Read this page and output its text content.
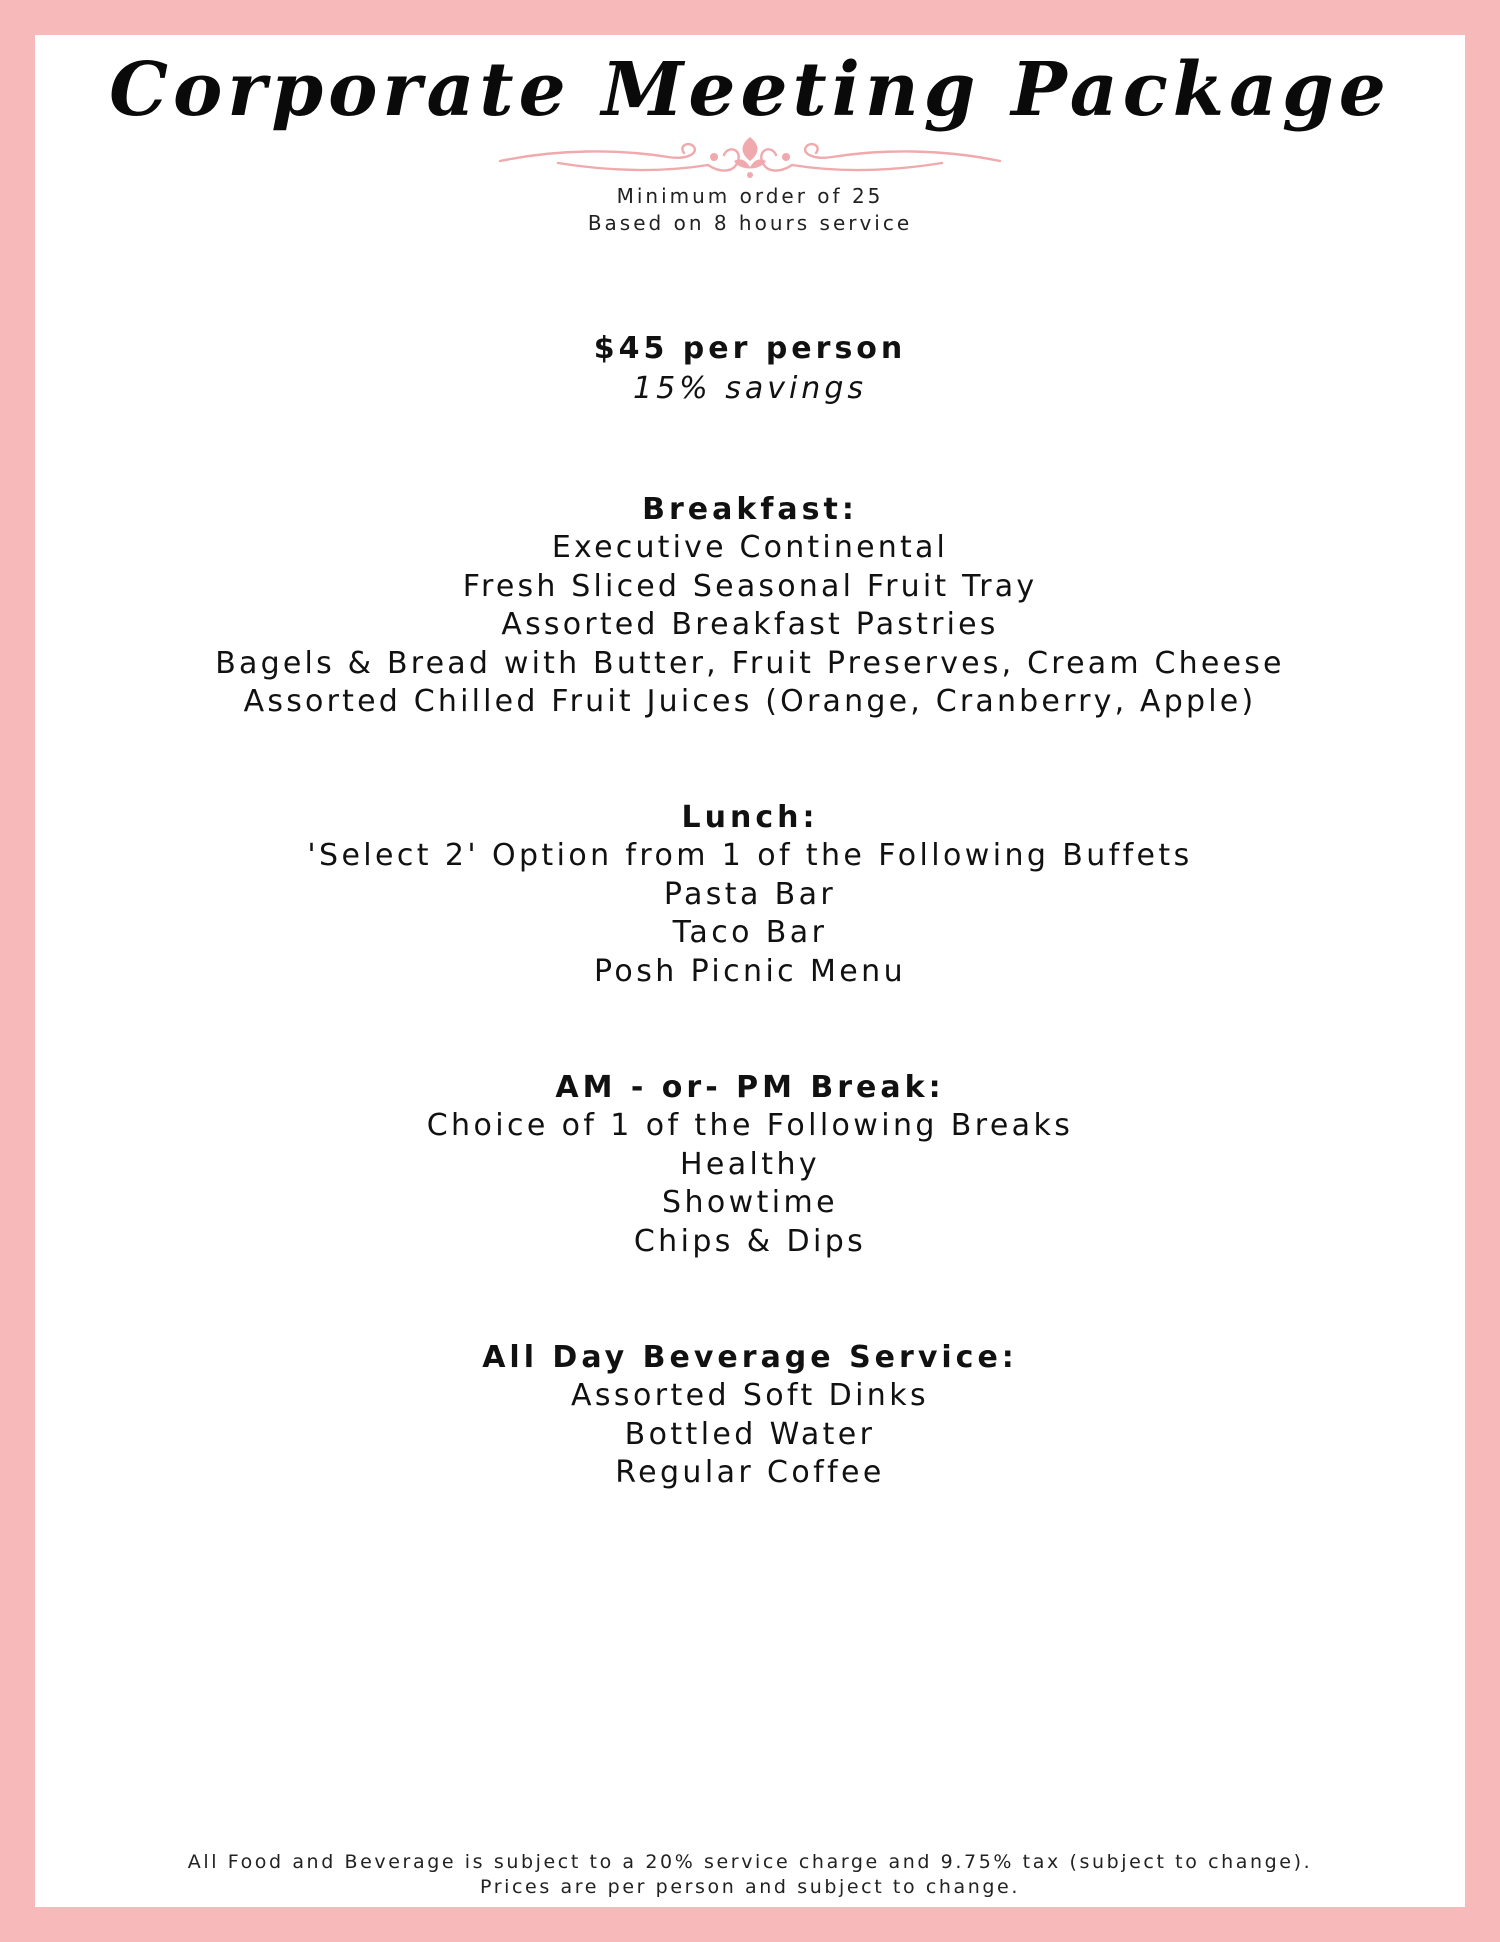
Corporate Meeting Package
Minimum order of 25
Based on 8 hours service
$45 per person
15% savings
Breakfast:
Executive Continental
Fresh Sliced Seasonal Fruit Tray
Assorted Breakfast Pastries
Bagels & Bread with Butter, Fruit Preserves, Cream Cheese
Assorted Chilled Fruit Juices (Orange, Cranberry, Apple)
Lunch:
'Select 2' Option from 1 of the Following Buffets
Pasta Bar
Taco Bar
Posh Picnic Menu
AM - or- PM Break:
Choice of 1 of the Following Breaks
Healthy
Showtime
Chips & Dips
All Day Beverage Service:
Assorted Soft Dinks
Bottled Water
Regular Coffee
All Food and Beverage is subject to a 20% service charge and 9.75% tax (subject to change).
Prices are per person and subject to change.
